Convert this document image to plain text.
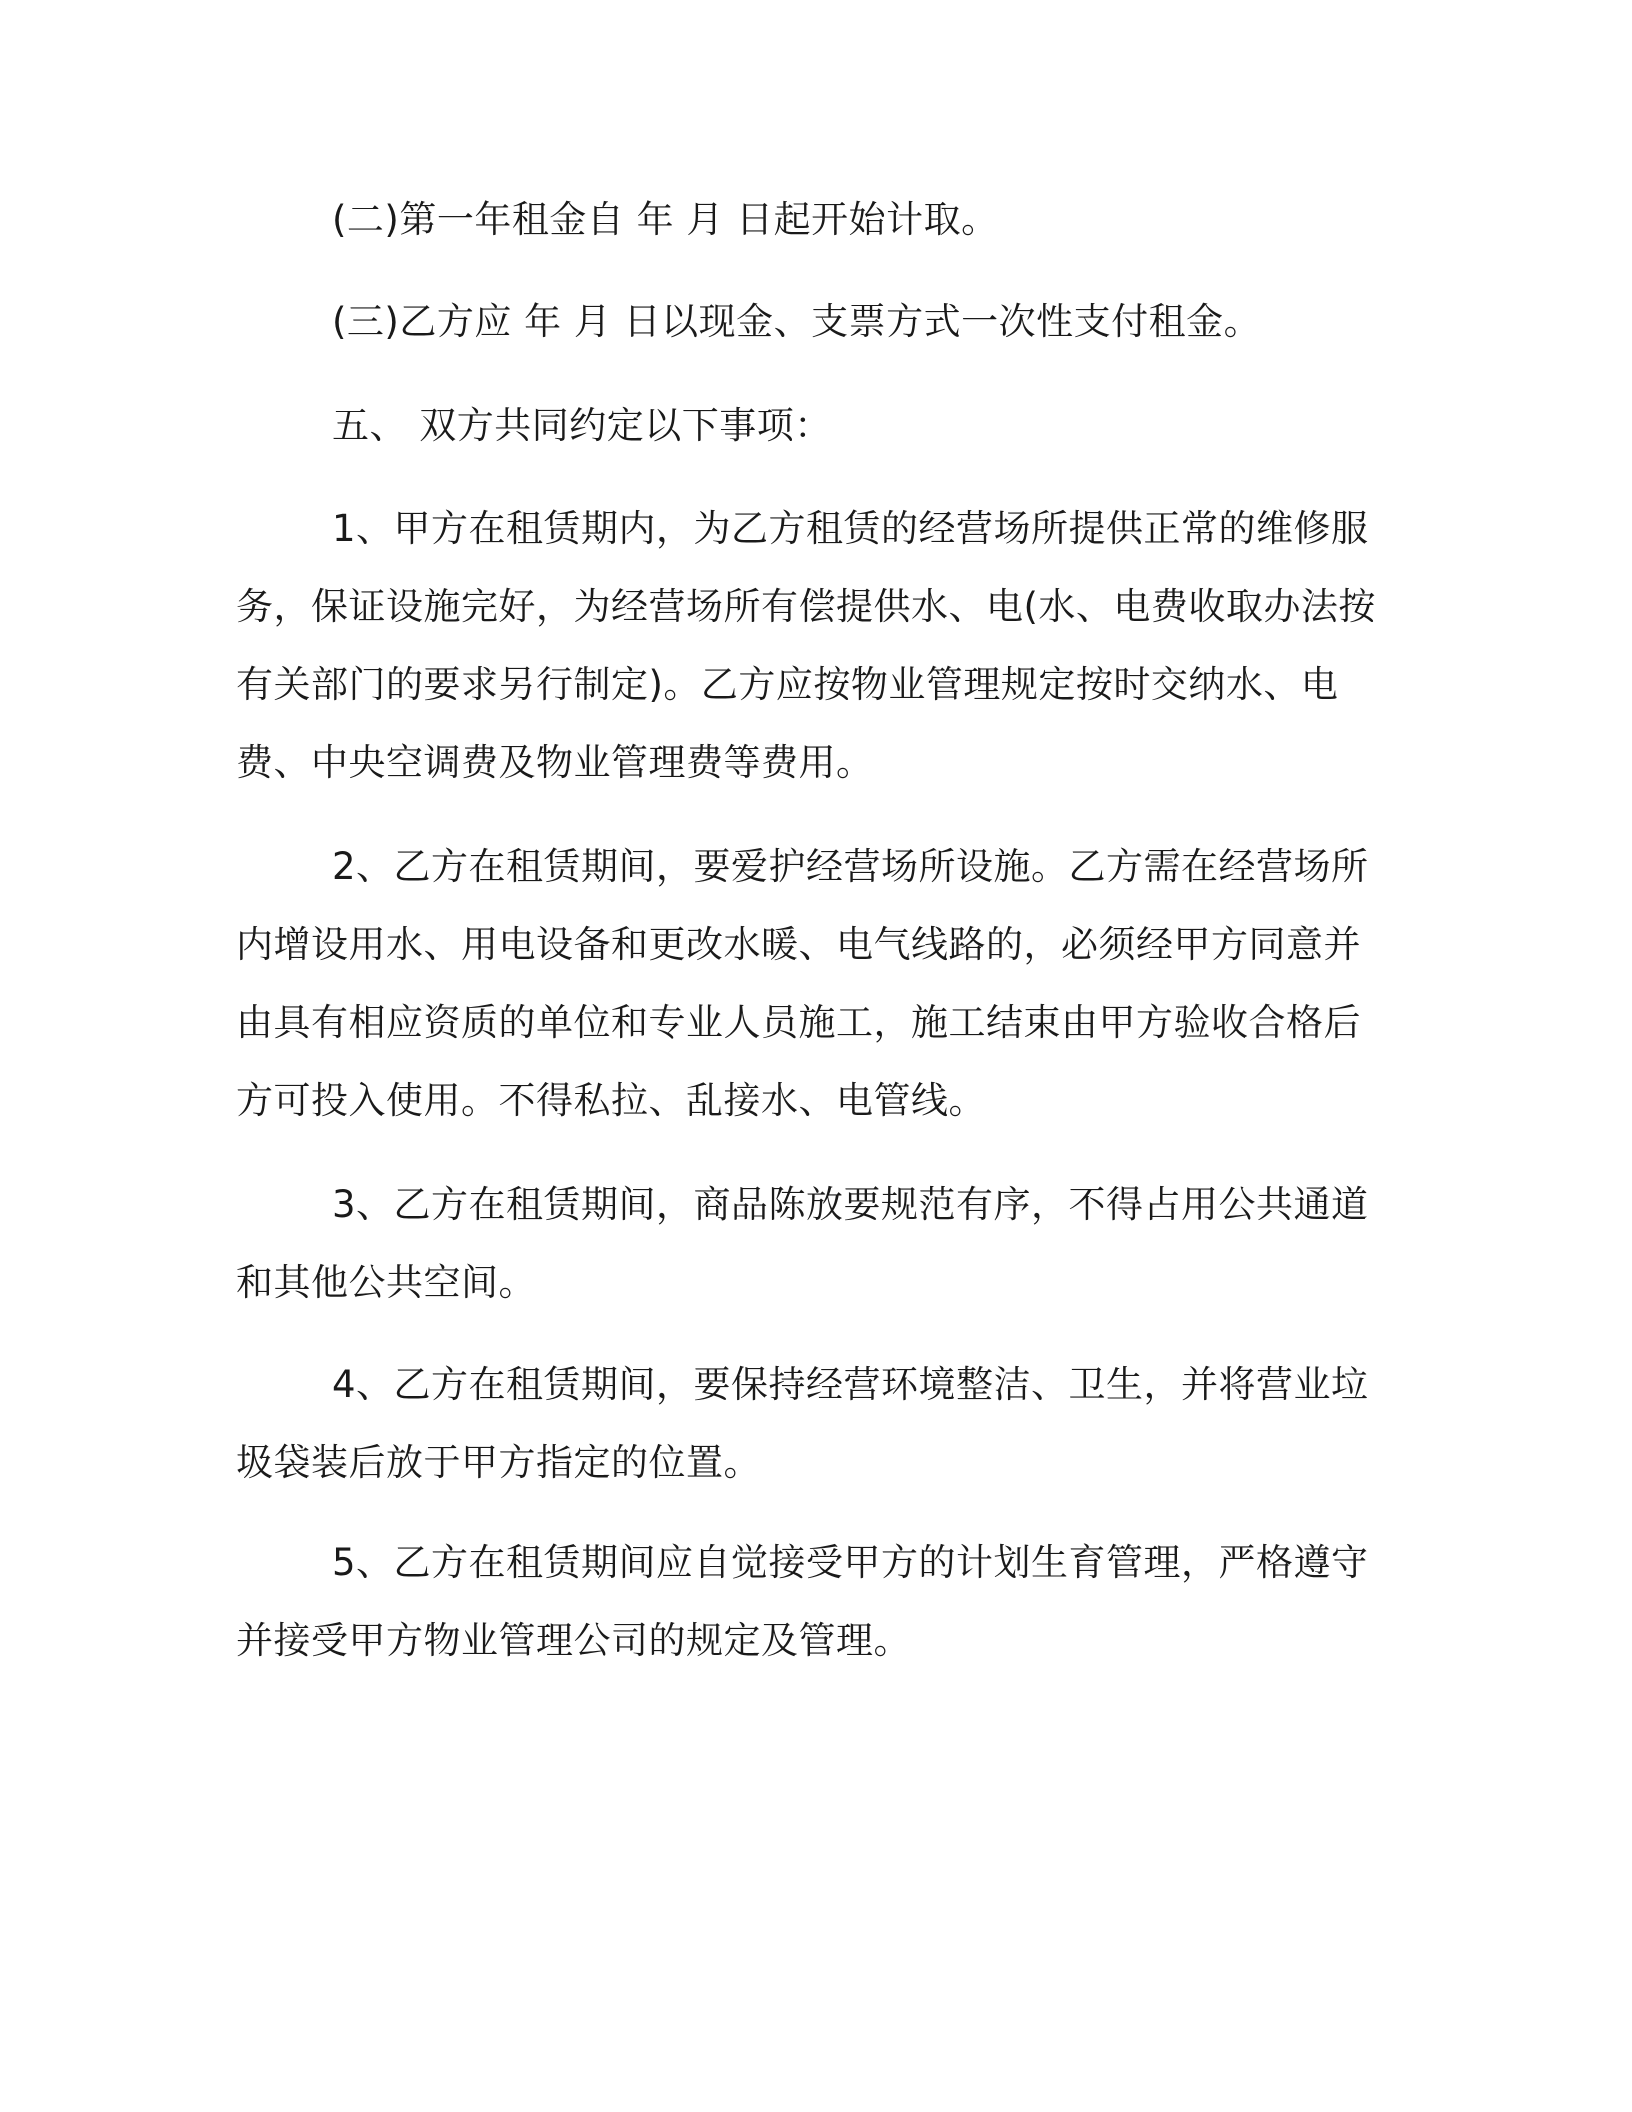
(二)第一年租金自 年 月 日起开始计取。

(三)乙方应 年 月 日以现金、支票方式一次性支付租金。

五、 双方共同约定以下事项：

1、甲方在租赁期内，为乙方租赁的经营场所提供正常的维修服务，保证设施完好，为经营场所有偿提供水、电(水、电费收取办法按有关部门的要求另行制定)。乙方应按物业管理规定按时交纳水、电费、中央空调费及物业管理费等费用。

2、乙方在租赁期间，要爱护经营场所设施。乙方需在经营场所内增设用水、用电设备和更改水暖、电气线路的，必须经甲方同意并由具有相应资质的单位和专业人员施工，施工结束由甲方验收合格后方可投入使用。不得私拉、乱接水、电管线。

3、乙方在租赁期间，商品陈放要规范有序，不得占用公共通道和其他公共空间。

4、乙方在租赁期间，要保持经营环境整洁、卫生，并将营业垃圾袋装后放于甲方指定的位置。

5、乙方在租赁期间应自觉接受甲方的计划生育管理，严格遵守并接受甲方物业管理公司的规定及管理。
